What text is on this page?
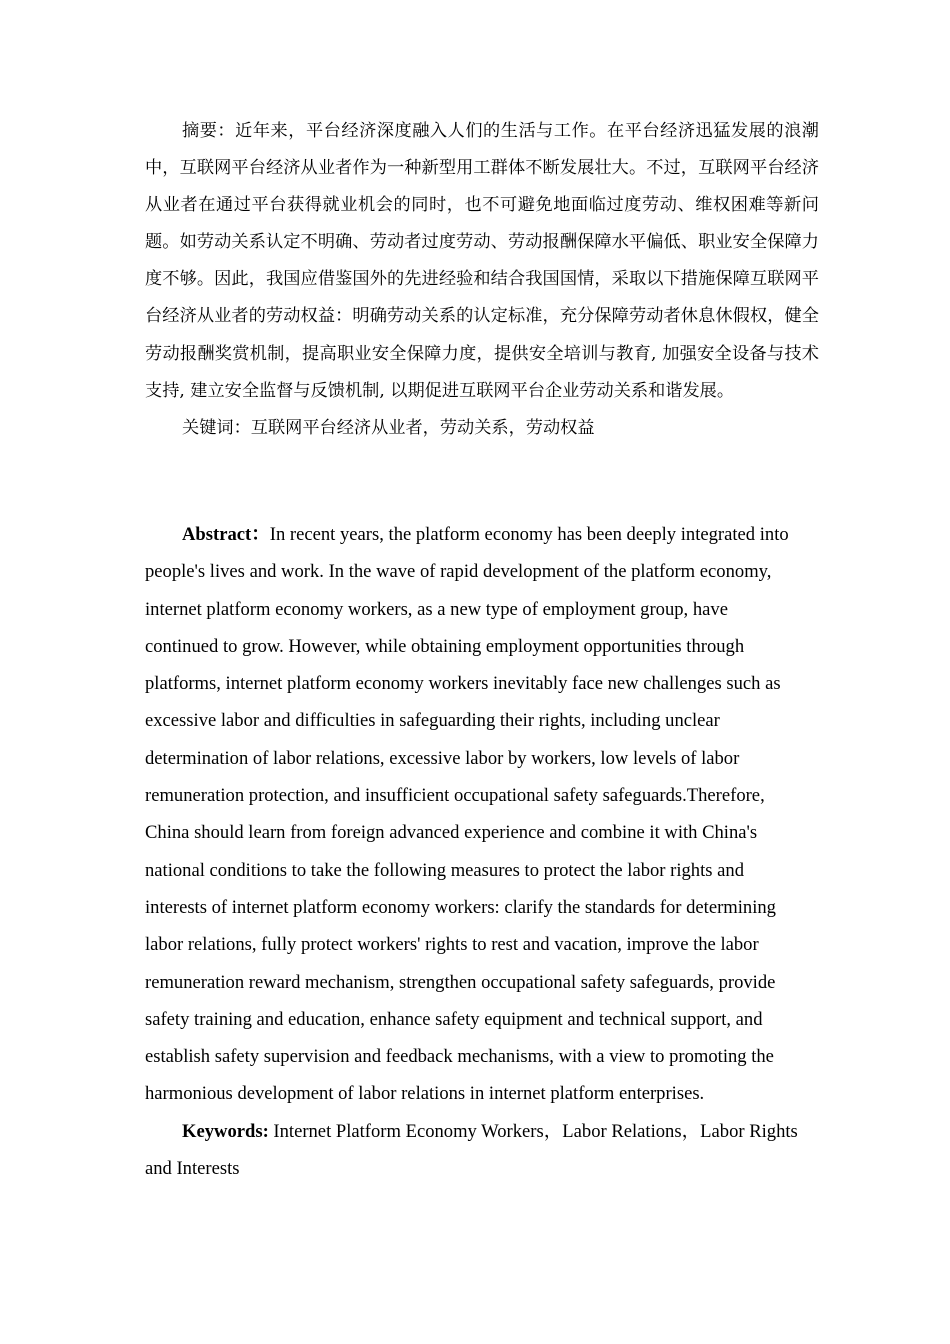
摘要：近年来，平台经济深度融入人们的生活与工作。在平台经济迅猛发展的浪潮中，互联网平台经济从业者作为一种新型用工群体不断发展壮大。不过，互联网平台经济从业者在通过平台获得就业机会的同时，也不可避免地面临过度劳动、维权困难等新问题。如劳动关系认定不明确、劳动者过度劳动、劳动报酬保障水平偏低、职业安全保障力度不够。因此，我国应借鉴国外的先进经验和结合我国国情，采取以下措施保障互联网平台经济从业者的劳动权益：明确劳动关系的认定标准，充分保障劳动者休息休假权，健全劳动报酬奖赏机制，提高职业安全保障力度，提供安全培训与教育, 加强安全设备与技术支持, 建立安全监督与反馈机制, 以期促进互联网平台企业劳动关系和谐发展。

关键词：互联网平台经济从业者，劳动关系，劳动权益

Abstract：In recent years, the platform economy has been deeply integrated into people's lives and work. In the wave of rapid development of the platform economy, internet platform economy workers, as a new type of employment group, have continued to grow. However, while obtaining employment opportunities through platforms, internet platform economy workers inevitably face new challenges such as excessive labor and difficulties in safeguarding their rights, including unclear determination of labor relations, excessive labor by workers, low levels of labor remuneration protection, and insufficient occupational safety safeguards.Therefore, China should learn from foreign advanced experience and combine it with China's national conditions to take the following measures to protect the labor rights and interests of internet platform economy workers: clarify the standards for determining labor relations, fully protect workers' rights to rest and vacation, improve the labor remuneration reward mechanism, strengthen occupational safety safeguards, provide safety training and education, enhance safety equipment and technical support, and establish safety supervision and feedback mechanisms, with a view to promoting the harmonious development of labor relations in internet platform enterprises.

Keywords: Internet Platform Economy Workers，Labor Relations，Labor Rights and Interests
